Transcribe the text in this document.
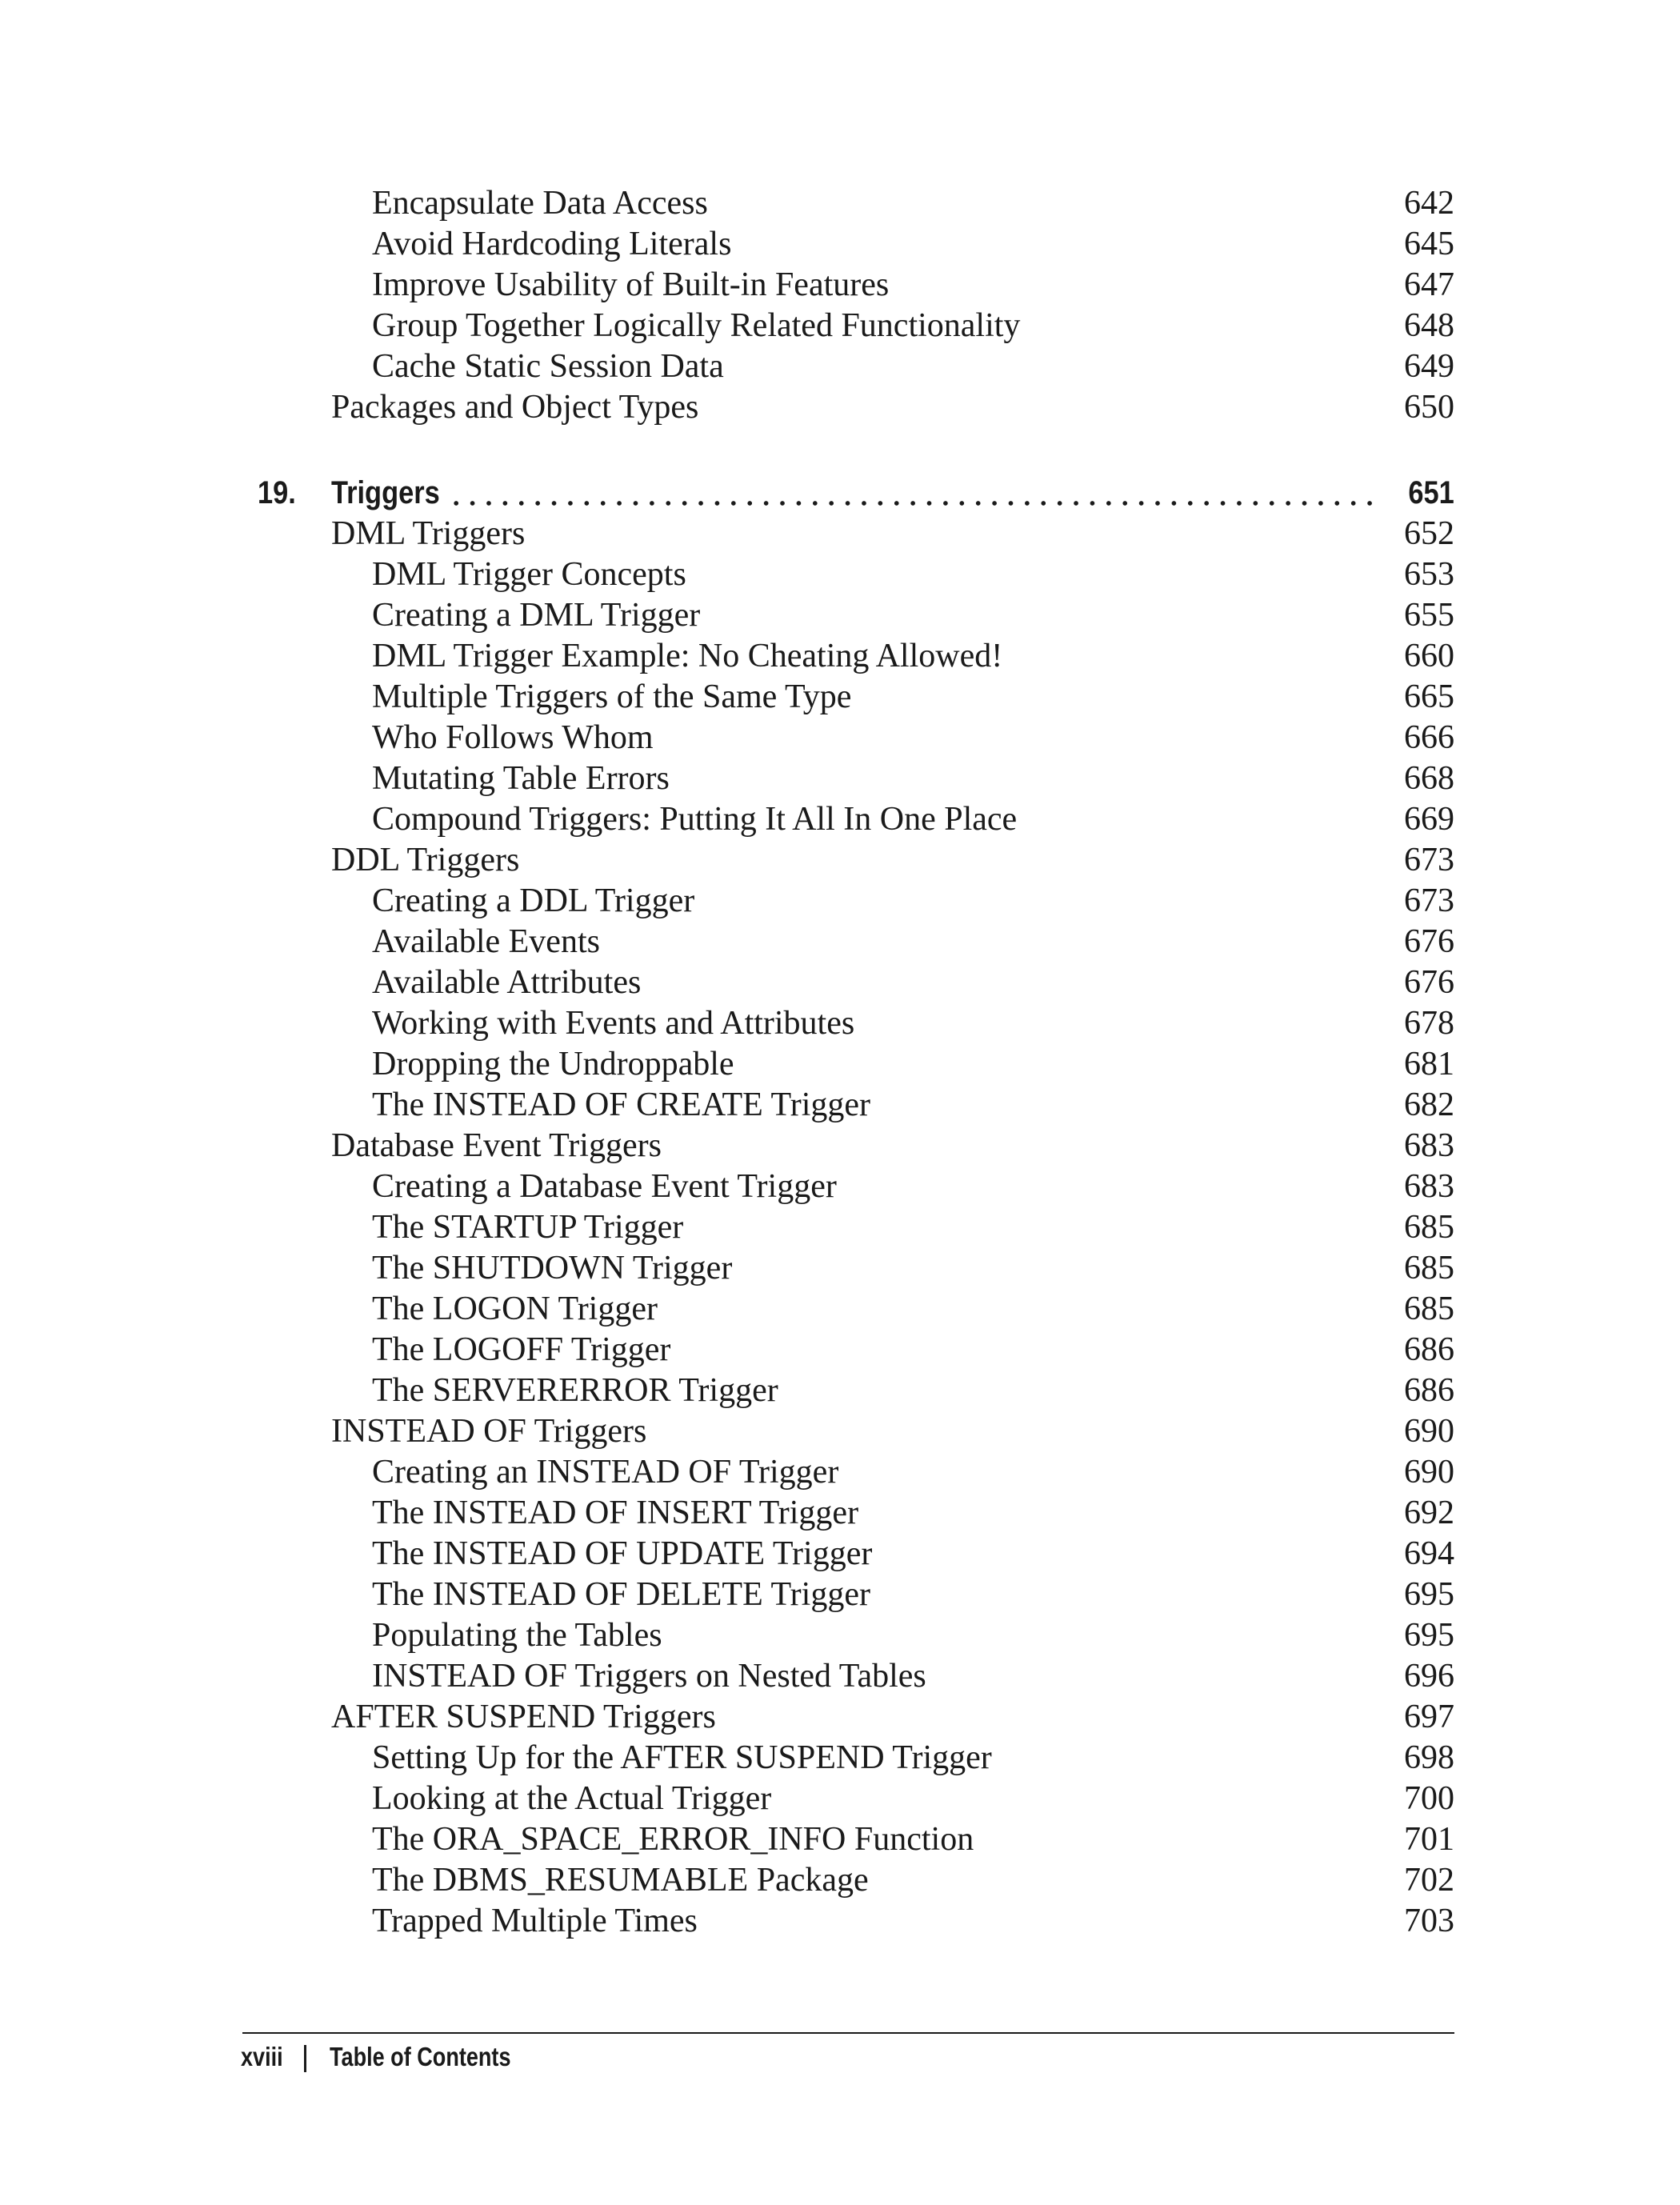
Encapsulate Data Access	642
Avoid Hardcoding Literals	645
Improve Usability of Built-in Features	647
Group Together Logically Related Functionality	648
Cache Static Session Data	649
Packages and Object Types	650
19. Triggers	651
DML Triggers	652
DML Trigger Concepts	653
Creating a DML Trigger	655
DML Trigger Example: No Cheating Allowed!	660
Multiple Triggers of the Same Type	665
Who Follows Whom	666
Mutating Table Errors	668
Compound Triggers: Putting It All In One Place	669
DDL Triggers	673
Creating a DDL Trigger	673
Available Events	676
Available Attributes	676
Working with Events and Attributes	678
Dropping the Undroppable	681
The INSTEAD OF CREATE Trigger	682
Database Event Triggers	683
Creating a Database Event Trigger	683
The STARTUP Trigger	685
The SHUTDOWN Trigger	685
The LOGON Trigger	685
The LOGOFF Trigger	686
The SERVERERROR Trigger	686
INSTEAD OF Triggers	690
Creating an INSTEAD OF Trigger	690
The INSTEAD OF INSERT Trigger	692
The INSTEAD OF UPDATE Trigger	694
The INSTEAD OF DELETE Trigger	695
Populating the Tables	695
INSTEAD OF Triggers on Nested Tables	696
AFTER SUSPEND Triggers	697
Setting Up for the AFTER SUSPEND Trigger	698
Looking at the Actual Trigger	700
The ORA_SPACE_ERROR_INFO Function	701
The DBMS_RESUMABLE Package	702
Trapped Multiple Times	703
xviii Table of Contents
